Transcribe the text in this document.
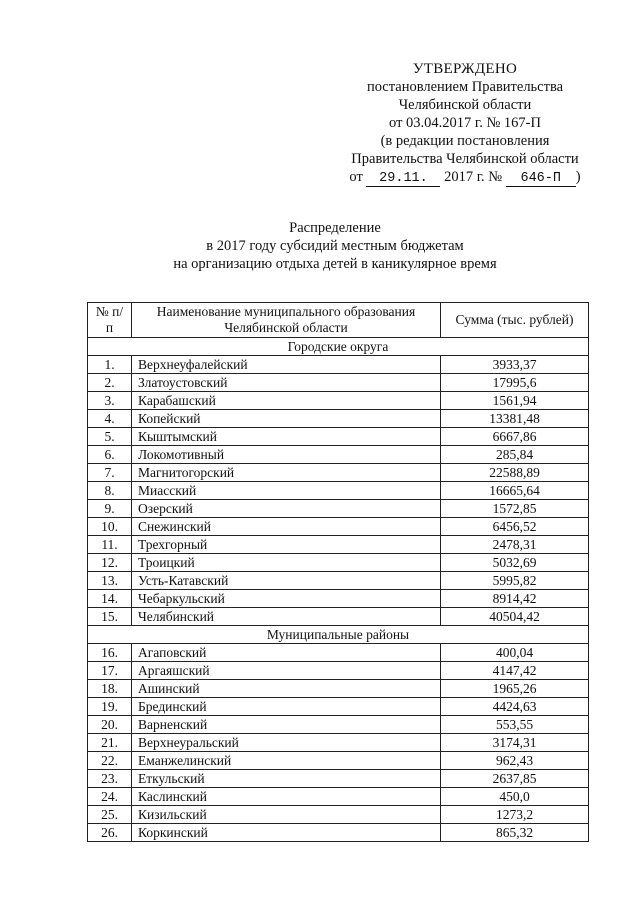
УТВЕРЖДЕНО
постановлением Правительства
Челябинской области
от 03.04.2017 г. № 167-П
(в редакции постановления
Правительства Челябинской области
от 29.11. 2017 г. № 646-П )
Распределение
в 2017 году субсидий местным бюджетам
на организацию отдыха детей в каникулярное время
№ п/п	Наименование муниципального образования Челябинской области	Сумма (тыс. рублей)
Городские округа		
1.	Верхнеуфалейский	3933,37
2.	Златоустовский	17995,6
3.	Карабашский	1561,94
4.	Копейский	13381,48
5.	Кыштымский	6667,86
6.	Локомотивный	285,84
7.	Магнитогорский	22588,89
8.	Миасский	16665,64
9.	Озерский	1572,85
10.	Снежинский	6456,52
11.	Трехгорный	2478,31
12.	Троицкий	5032,69
13.	Усть-Катавский	5995,82
14.	Чебаркульский	8914,42
15.	Челябинский	40504,42
Муниципальные районы		
16.	Агаповский	400,04
17.	Аргаяшский	4147,42
18.	Ашинский	1965,26
19.	Брединский	4424,63
20.	Варненский	553,55
21.	Верхнеуральский	3174,31
22.	Еманжелинский	962,43
23.	Еткульский	2637,85
24.	Каслинский	450,0
25.	Кизильский	1273,2
26.	Коркинский	865,32
